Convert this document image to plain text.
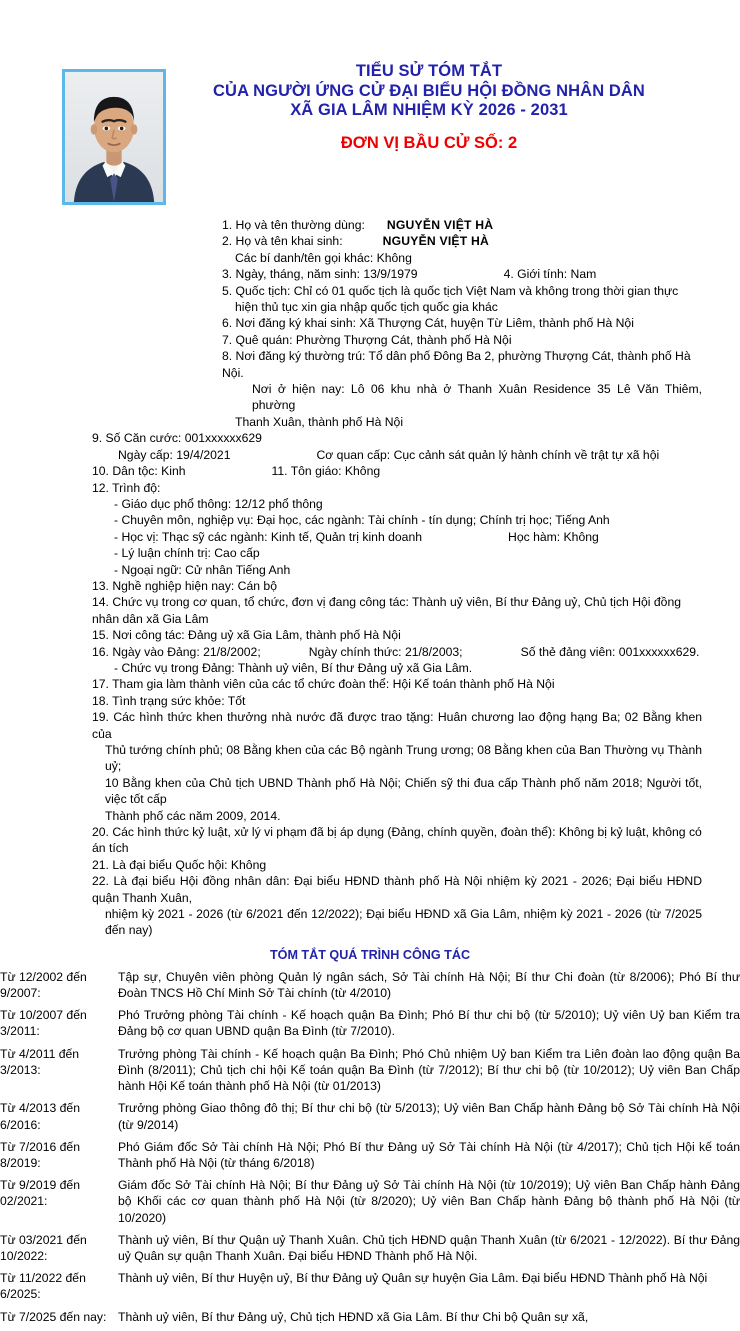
TIỂU SỬ TÓM TẮT
CỦA NGƯỜI ỨNG CỬ ĐẠI BIỂU HỘI ĐỒNG NHÂN DÂN
XÃ GIA LÂM NHIỆM KỲ 2026 - 2031
ĐƠN VỊ BẦU CỬ SỐ: 2
1. Họ và tên thường dùng: NGUYỄN VIỆT HÀ
2. Họ và tên khai sinh:	NGUYỄN VIỆT HÀ
Các bí danh/tên gọi khác: Không
3. Ngày, tháng, năm sinh: 13/9/1979	4. Giới tính: Nam
5. Quốc tịch: Chỉ có 01 quốc tịch là quốc tịch Việt Nam và không trong thời gian thực
hiện thủ tục xin gia nhập quốc tịch quốc gia khác
6. Nơi đăng ký khai sinh: Xã Thượng Cát, huyện Từ Liêm, thành phố Hà Nội
7. Quê quán: Phường Thượng Cát, thành phố Hà Nội
8. Nơi đăng ký thường trú: Tổ dân phố Đông Ba 2, phường Thượng Cát, thành phố Hà Nội.
Nơi ở hiện nay: Lô 06 khu nhà ở Thanh Xuân Residence 35 Lê Văn Thiêm, phường
Thanh Xuân, thành phố Hà Nội
9. Số Căn cước: 001xxxxxx629
Ngày cấp: 19/4/2021	Cơ quan cấp: Cục cảnh sát quản lý hành chính về trật tự xã hội
10. Dân tộc: Kinh	11. Tôn giáo: Không
12. Trình độ:
- Giáo dục phổ thông: 12/12 phổ thông
- Chuyên môn, nghiệp vụ: Đại học, các ngành: Tài chính - tín dụng; Chính trị học; Tiếng Anh
- Học vị: Thạc sỹ các ngành: Kinh tế, Quản trị kinh doanh	Học hàm: Không
- Lý luận chính trị: Cao cấp
- Ngoại ngữ: Cử nhân Tiếng Anh
13. Nghề nghiệp hiện nay: Cán bộ
14. Chức vụ trong cơ quan, tổ chức, đơn vị đang công tác: Thành uỷ viên, Bí thư Đảng uỷ, Chủ tịch Hội đồng nhân dân xã Gia Lâm
15. Nơi công tác: Đảng uỷ xã Gia Lâm, thành phố Hà Nội
16. Ngày vào Đảng: 21/8/2002;	Ngày chính thức: 21/8/2003;	Số thẻ đảng viên: 001xxxxxx629.
- Chức vụ trong Đảng: Thành uỷ viên, Bí thư Đảng uỷ xã Gia Lâm.
17. Tham gia làm thành viên của các tổ chức đoàn thể: Hội Kế toán thành phố Hà Nội
18. Tình trạng sức khỏe: Tốt
19. Các hình thức khen thưởng nhà nước đã được trao tặng: Huân chương lao động hạng Ba; 02 Bằng khen của
Thủ tướng chính phủ; 08 Bằng khen của các Bộ ngành Trung ương; 08 Bằng khen của Ban Thường vụ Thành uỷ;
10 Bằng khen của Chủ tịch UBND Thành phố Hà Nội; Chiến sỹ thi đua cấp Thành phố năm 2018; Người tốt, việc tốt cấp
Thành phố các năm 2009, 2014.
20. Các hình thức kỷ luật, xử lý vi phạm đã bị áp dụng (Đảng, chính quyền, đoàn thể): Không bị kỷ luật, không có án tích
21. Là đại biểu Quốc hội: Không
22. Là đại biểu Hội đồng nhân dân: Đại biểu HĐND thành phố Hà Nội nhiệm kỳ 2021 - 2026; Đại biểu HĐND quận Thanh Xuân,
nhiệm kỳ 2021 - 2026 (từ 6/2021 đến 12/2022); Đại biểu HĐND xã Gia Lâm, nhiệm kỳ 2021 - 2026 (từ 7/2025 đến nay)
TÓM TẮT QUÁ TRÌNH CÔNG TÁC
Từ 12/2002 đến 9/2007:	Tập sự, Chuyên viên phòng Quản lý ngân sách, Sở Tài chính Hà Nội; Bí thư Chi đoàn (từ 8/2006); Phó Bí thư Đoàn TNCS Hồ Chí Minh Sở Tài chính (từ 4/2010)
Từ 10/2007 đến 3/2011:	Phó Trưởng phòng Tài chính - Kế hoạch quận Ba Đình; Phó Bí thư chi bộ (từ 5/2010); Uỷ viên Uỷ ban Kiểm tra Đảng bộ cơ quan UBND quận Ba Đình (từ 7/2010).
Từ 4/2011 đến 3/2013:	Trưởng phòng Tài chính - Kế hoạch quận Ba Đình; Phó Chủ nhiệm Uỷ ban Kiểm tra Liên đoàn lao động quận Ba Đình (8/2011); Chủ tịch chi hội Kế toán quận Ba Đình (từ 7/2012); Bí thư chi bộ (từ 10/2012); Uỷ viên Ban Chấp hành Hội Kế toán thành phố Hà Nội (từ 01/2013)
Từ 4/2013 đến 6/2016:	Trưởng phòng Giao thông đô thị; Bí thư chi bộ (từ 5/2013); Uỷ viên Ban Chấp hành Đảng bộ Sở Tài chính Hà Nội (từ 9/2014)
Từ 7/2016 đến 8/2019:	Phó Giám đốc Sở Tài chính Hà Nội; Phó Bí thư Đảng uỷ Sở Tài chính Hà Nội (từ 4/2017); Chủ tịch Hội kế toán Thành phố Hà Nội (từ tháng 6/2018)
Từ 9/2019 đến 02/2021:	Giám đốc Sở Tài chính Hà Nội; Bí thư Đảng uỷ Sở Tài chính Hà Nội (từ 10/2019); Uỷ viên Ban Chấp hành Đảng bộ Khối các cơ quan thành phố Hà Nội (từ 8/2020); Uỷ viên Ban Chấp hành Đảng bộ thành phố Hà Nội (từ 10/2020)
Từ 03/2021 đến 10/2022:	Thành uỷ viên, Bí thư Quận uỷ Thanh Xuân. Chủ tịch HĐND quận Thanh Xuân (từ 6/2021 - 12/2022). Bí thư Đảng uỷ Quân sự quận Thanh Xuân. Đại biểu HĐND Thành phố Hà Nội.
Từ 11/2022 đến 6/2025:	Thành uỷ viên, Bí thư Huyện uỷ, Bí thư Đảng uỷ Quân sự huyện Gia Lâm. Đại biểu HĐND Thành phố Hà Nội
Từ 7/2025 đến nay:	Thành uỷ viên, Bí thư Đảng uỷ, Chủ tịch HĐND xã Gia Lâm. Bí thư Chi bộ Quân sự xã,
